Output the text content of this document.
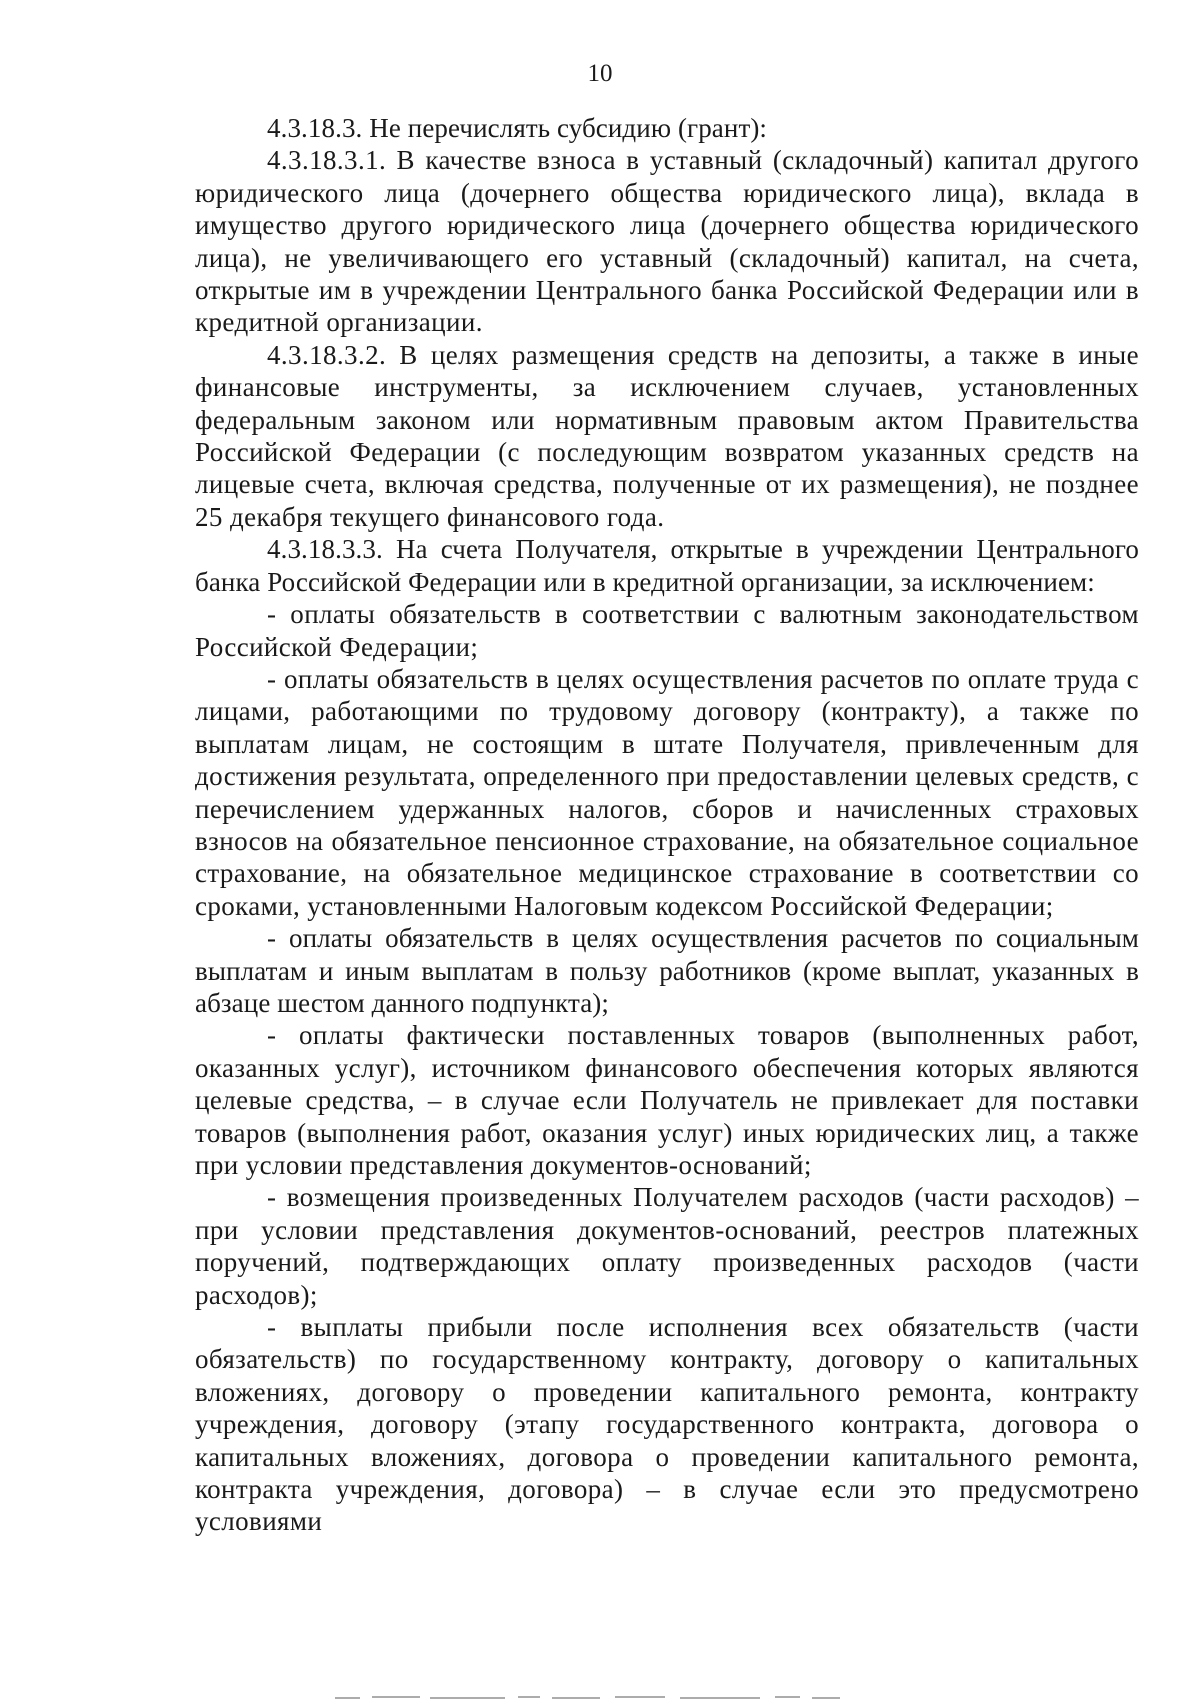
10

4.3.18.3. Не перечислять субсидию (грант):

4.3.18.3.1. В качестве взноса в уставный (складочный) капитал другого юридического лица (дочернего общества юридического лица), вклада в имущество другого юридического лица (дочернего общества юридического лица), не увеличивающего его уставный (складочный) капитал, на счета, открытые им в учреждении Центрального банка Российской Федерации или в кредитной организации.

4.3.18.3.2. В целях размещения средств на депозиты, а также в иные финансовые инструменты, за исключением случаев, установленных федеральным законом или нормативным правовым актом Правительства Российской Федерации (с последующим возвратом указанных средств на лицевые счета, включая средства, полученные от их размещения), не позднее 25 декабря текущего финансового года.

4.3.18.3.3. На счета Получателя, открытые в учреждении Центрального банка Российской Федерации или в кредитной организации, за исключением:

- оплаты обязательств в соответствии с валютным законодательством Российской Федерации;

- оплаты обязательств в целях осуществления расчетов по оплате труда с лицами, работающими по трудовому договору (контракту), а также по выплатам лицам, не состоящим в штате Получателя, привлеченным для достижения результата, определенного при предоставлении целевых средств, с перечислением удержанных налогов, сборов и начисленных страховых взносов на обязательное пенсионное страхование, на обязательное социальное страхование, на обязательное медицинское страхование в соответствии со сроками, установленными Налоговым кодексом Российской Федерации;

- оплаты обязательств в целях осуществления расчетов по социальным выплатам и иным выплатам в пользу работников (кроме выплат, указанных в абзаце шестом данного подпункта);

- оплаты фактически поставленных товаров (выполненных работ, оказанных услуг), источником финансового обеспечения которых являются целевые средства, – в случае если Получатель не привлекает для поставки товаров (выполнения работ, оказания услуг) иных юридических лиц, а также при условии представления документов-оснований;

- возмещения произведенных Получателем расходов (части расходов) – при условии представления документов-оснований, реестров платежных поручений, подтверждающих оплату произведенных расходов (части расходов);

- выплаты прибыли после исполнения всех обязательств (части обязательств) по государственному контракту, договору о капитальных вложениях, договору о проведении капитального ремонта, контракту учреждения, договору (этапу государственного контракта, договора о капитальных вложениях, договора о проведении капитального ремонта, контракта учреждения, договора) – в случае если это предусмотрено условиями
